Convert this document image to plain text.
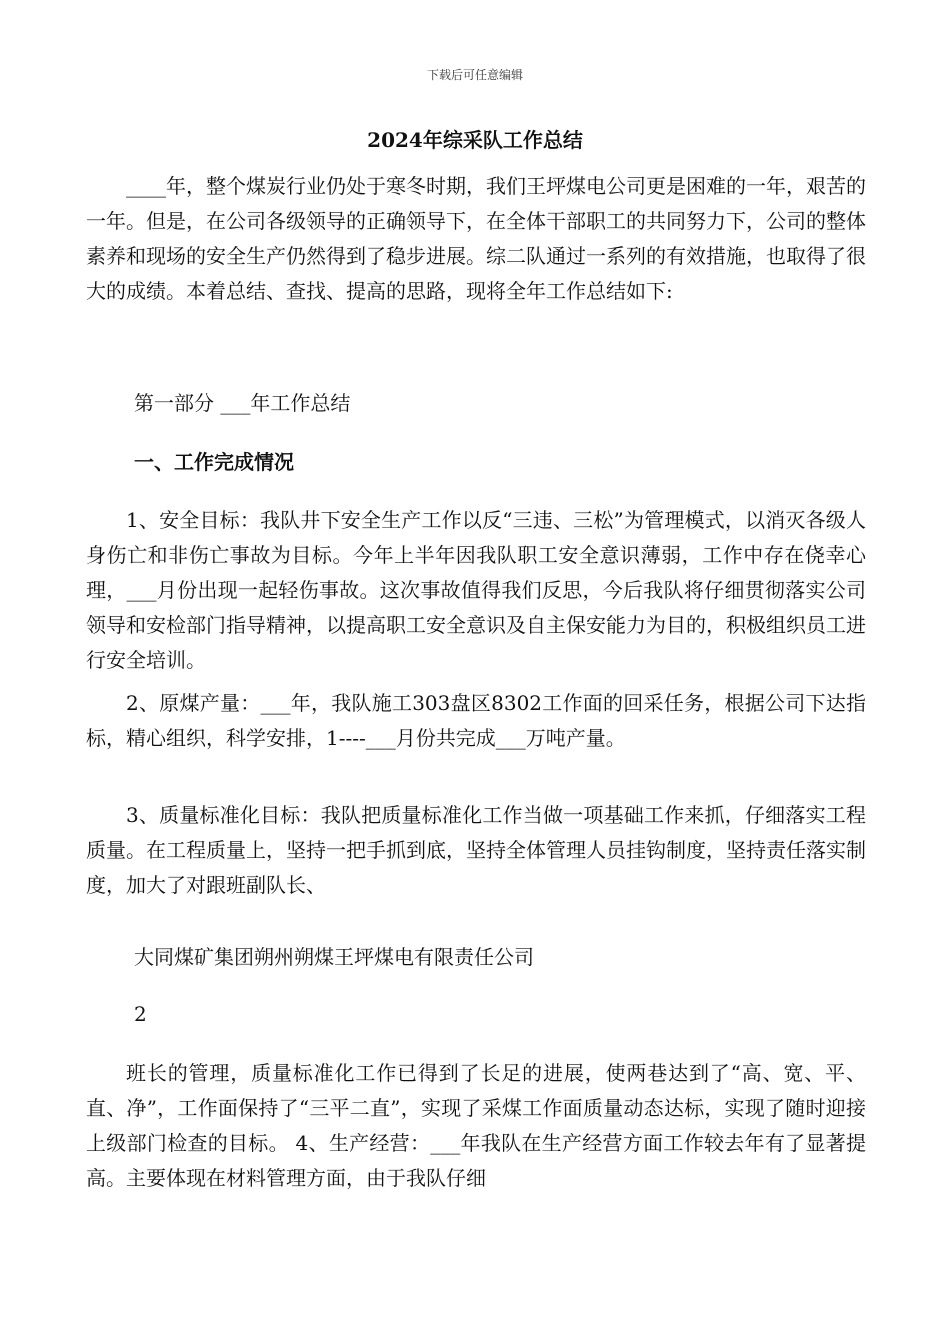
下载后可任意编辑
2024年综采队工作总结

____年，整个煤炭行业仍处于寒冬时期，我们王坪煤电公司更是困难的一年，艰苦的一年。但是，在公司各级领导的正确领导下，在全体干部职工的共同努力下，公司的整体素养和现场的安全生产仍然得到了稳步进展。综二队通过一系列的有效措施，也取得了很大的成绩。本着总结、查找、提高的思路，现将全年工作总结如下:

第一部分 ___年工作总结

一、工作完成情况

1、安全目标：我队井下安全生产工作以反“三违、三松”为管理模式，以消灭各级人身伤亡和非伤亡事故为目标。今年上半年因我队职工安全意识薄弱，工作中存在侥幸心理，___月份出现一起轻伤事故。这次事故值得我们反思，今后我队将仔细贯彻落实公司领导和安检部门指导精神，以提高职工安全意识及自主保安能力为目的，积极组织员工进行安全培训。

2、原煤产量：___年，我队施工303盘区8302工作面的回采任务，根据公司下达指标，精心组织，科学安排，1----___月份共完成___万吨产量。

3、质量标准化目标：我队把质量标准化工作当做一项基础工作来抓，仔细落实工程质量。在工程质量上，坚持一把手抓到底，坚持全体管理人员挂钩制度，坚持责任落实制度，加大了对跟班副队长、

大同煤矿集团朔州朔煤王坪煤电有限责任公司

2

班长的管理，质量标准化工作已得到了长足的进展，使两巷达到了“高、宽、平、直、净”，工作面保持了“三平二直”，实现了采煤工作面质量动态达标，实现了随时迎接上级部门检查的目标。 4、生产经营：___年我队在生产经营方面工作较去年有了显著提高。主要体现在材料管理方面，由于我队仔细
